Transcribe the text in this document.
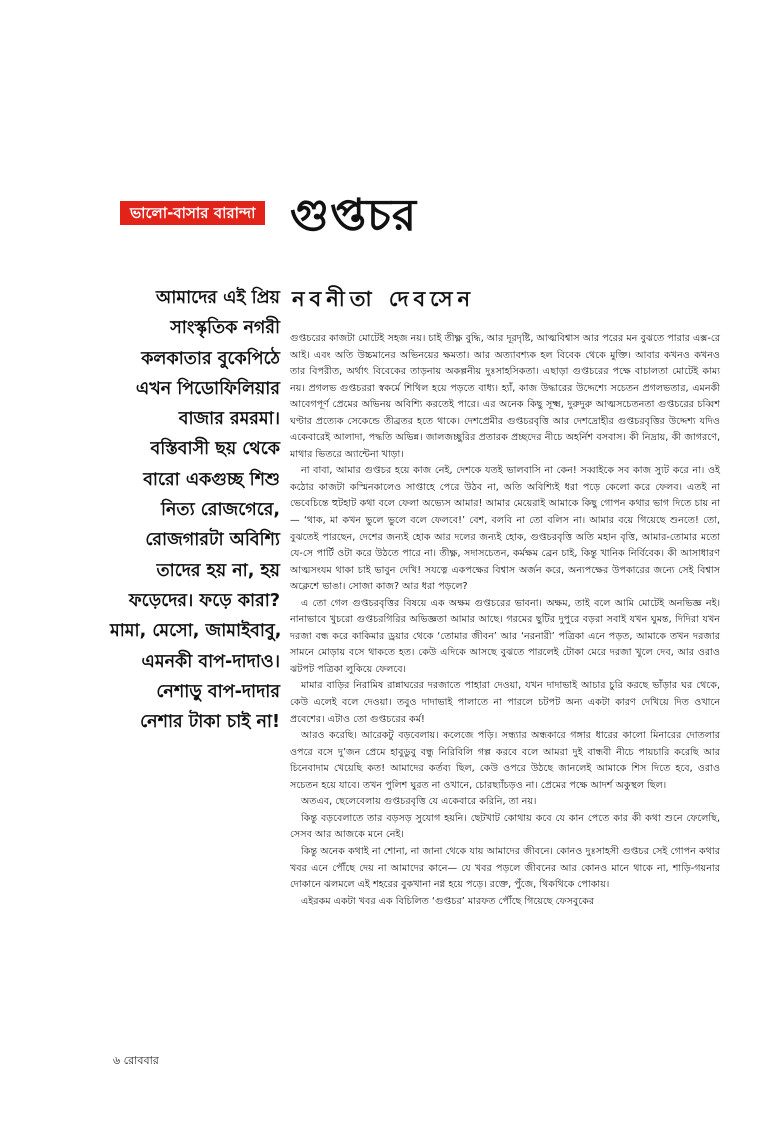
ভালো-বাসার বারান্দা গুপ্তচর
নবনীতা দেবসেন
আমাদের এই প্রিয়
সাংস্কৃতিক নগরী
কলকাতার বুকেপিঠে
এখন পিডোফিলিয়ার
বাজার রমরমা।
বস্তিবাসী ছয় থেকে
বারো একগুচ্ছ শিশু
নিত্য রোজগেরে,
রোজগারটা অবিশ্যি
তাদের হয় না, হয়
ফড়েদের। ফড়ে কারা?
মামা, মেসো, জামাইবাবু,
এমনকী বাপ-দাদাও।
নেশাড়ু বাপ-দাদার
নেশার টাকা চাই না!

গুপ্তচরের কাজটা মোটেই সহজ নয়। চাই তীক্ষ্ণ বুদ্ধি, আর দূরদৃষ্টি, আত্মবিশ্বাস আর পরের মন বুঝতে পারার এক্স-রে আই। এবং অতি উচ্চমানের অভিনয়ের ক্ষমতা। আর অত্যাবশ্যক হল বিবেক থেকে মুক্তি। আবার কখনও কখনও তার বিপরীত, অর্থাৎ বিবেকের তাড়নায় অকল্পনীয় দুঃসাহসিকতা। এছাড়া গুপ্তচরের পক্ষে বাচালতা মোটেই কাম্য নয়। প্রগলভ গুপ্তচররা স্বকর্মে শিথিল হয়ে পড়তে বাধ্য। হ্যাঁ, কাজ উদ্ধারের উদ্দেশ্যে সচেতন প্রগলভতার, এমনকী আবেগপূর্ণ প্রেমের অভিনয় অবিশ্যি করতেই পারে। এর অনেক কিছু সূক্ষ্ম, দুরুদুরু আত্মসচেতনতা গুপ্তচরের চব্বিশ ঘণ্টার প্রত্যেক সেকেন্ডে তীব্রতর হতে থাকে। দেশপ্রেমীর গুপ্তচরবৃত্তি আর দেশদ্রোহীর গুপ্তচরবৃত্তির উদ্দেশ্য যদিও একেবারেই আলাদা, পদ্ধতি অভিন্ন। জালজচ্ছুরির প্রতারক প্রচ্ছদের নীচে অহর্নিশ বসবাস। কী নিদ্রায়, কী জাগরণে, মাথার ভিতরে অ্যান্টেনা খাড়া।

না বাবা, আমার গুপ্তচর হয়ে কাজ নেই, দেশকে যতই ভালবাসি না কেন! সব্বাইকে সব কাজ স্যুট করে না। ওই কঠোর কাজটা কস্মিনকালেও সাপ্তাহে পেরে উঠব না, অতি অবিশ্যিই ধরা পড়ে কেলো করে ফেলব। এতই না ভেবেচিন্তে হুটহাট কথা বলে ফেলা অভ্যেস আমার! আমার মেয়েরাই আমাকে কিছু গোপন কথার ভাগ দিতে চায় না— ‘থাক, মা কখন ভুলে ভুলে বলে ফেলবে!’ বেশ, বলবি না তো বলিস না। আমার বয়ে গিয়েছে শুনতে! তো, বুঝতেই পারছেন, দেশের জন্যই হোক আর দলের জন্যই হোক, গুপ্তচরবৃত্তি অতি মহান বৃত্তি, আমার-তোমার মতো যে-সে পার্টি ওটা করে উঠতে পারে না। তীক্ষ্ণ, সদাসচেতন, কর্মক্ষম ব্রেন চাই, কিন্তু খানিক নির্বিবেক। কী আসাধারণ আত্মসংযম থাকা চাই ভাবুন দেখি! সযত্নে একপক্ষের বিশ্বাস অর্জন করে, অন্যপক্ষের উপকারের জন্যে সেই বিশ্বাস অক্লেশে ভাঙা। সোজা কাজ? আর ধরা পড়লে?

এ তো গেল গুপ্তচরবৃত্তির বিষয়ে এক অক্ষম গুপ্তচরের ভাবনা। অক্ষম, তাই বলে আমি মোটেই অনভিজ্ঞ নই। নানাভাবে খুচরো গুপ্তচরগিরির অভিজ্ঞতা আমার আছে। গরমের ছুটির দুপুরে বড়রা সবাই যখন ঘুমন্ত, দিদিরা যখন দরজা বন্ধ করে কাকিমার ড্রয়ার থেকে ‘তোমার জীবন’ আর ‘নরনারী’ পত্রিকা এনে পড়ত, আমাকে তখন দরজার সামনে মোড়ায় বসে থাকতে হত। কেউ এদিকে আসছে বুঝতে পারলেই টোকা মেরে দরজা খুলে দেব, আর ওরাও ঝটপট পত্রিকা লুকিয়ে ফেলবে।

মামার বাড়ির নিরামিষ রান্নাঘরের দরজাতে পাহারা দেওয়া, যখন দাদাভাই আচার চুরি করছে ভাঁড়ার ঘর থেকে, কেউ এলেই বলে দেওয়া। তবুও দাদাভাই পালাতে না পারলে চটপট অন্য একটা কারণ দেখিয়ে দিত ওখানে প্রবেশের। এটাও তো গুপ্তচরের কর্ম!

আরও করেছি। আরেকটু বড়বেলায়। কলেজে পড়ি। সন্ধ্যার অন্ধকারে গঙ্গার ধারের কালো মিনারের দোতলার ওপরে বসে দু’জন প্রেমে হাবুডুবু বন্ধু নিরিবিলি গল্প করবে বলে আমরা দুই বান্ধবী নীচে পায়চারি করেছি আর চিনেবাদাম খেয়েছি কত! আমাদের কর্তব্য ছিল, কেউ ওপরে উঠছে জানলেই আমাকে শিস দিতে হবে, ওরাও সচেতন হয়ে যাবে। তখন পুলিশ ঘুরত না ওখানে, চোরছ্যাঁচড়ও না। প্রেমের পক্ষে আদর্শ অকুস্থল ছিল।

অতএব, ছেলেবেলায় গুপ্তচরবৃত্তি যে একেবারে করিনি, তা নয়।

কিন্তু বড়বেলাতে তার বড়সড় সুযোগ হয়নি। ছেটখাট কোথায় কবে যে কান পেতে কার কী কথা শুনে ফেলেছি, সেসব আর আজকে মনে নেই।

কিন্তু অনেক কথাই না শোনা, না জানা থেকে যায় আমাদের জীবনে। কোনও দুঃসাহসী গুপ্তচর সেই গোপন কথার খবর এনে পৌঁছে দেয় না আমাদের কানে— যে খবর পড়লে জীবনের আর কোনও মানে থাকে না, শাড়ি-গয়নার দোকানে ঝলমলে এই শহরের বুকখানা নগ্ন হয়ে পড়ে। রক্তে, পুঁজে, থিকথিকে পোকায়।

এইরকম একটা খবর এক বিচিলিত ‘গুপ্তচর’ মারফত পৌঁছে গিয়েছে ফেসবুকের

৬ রোববার
